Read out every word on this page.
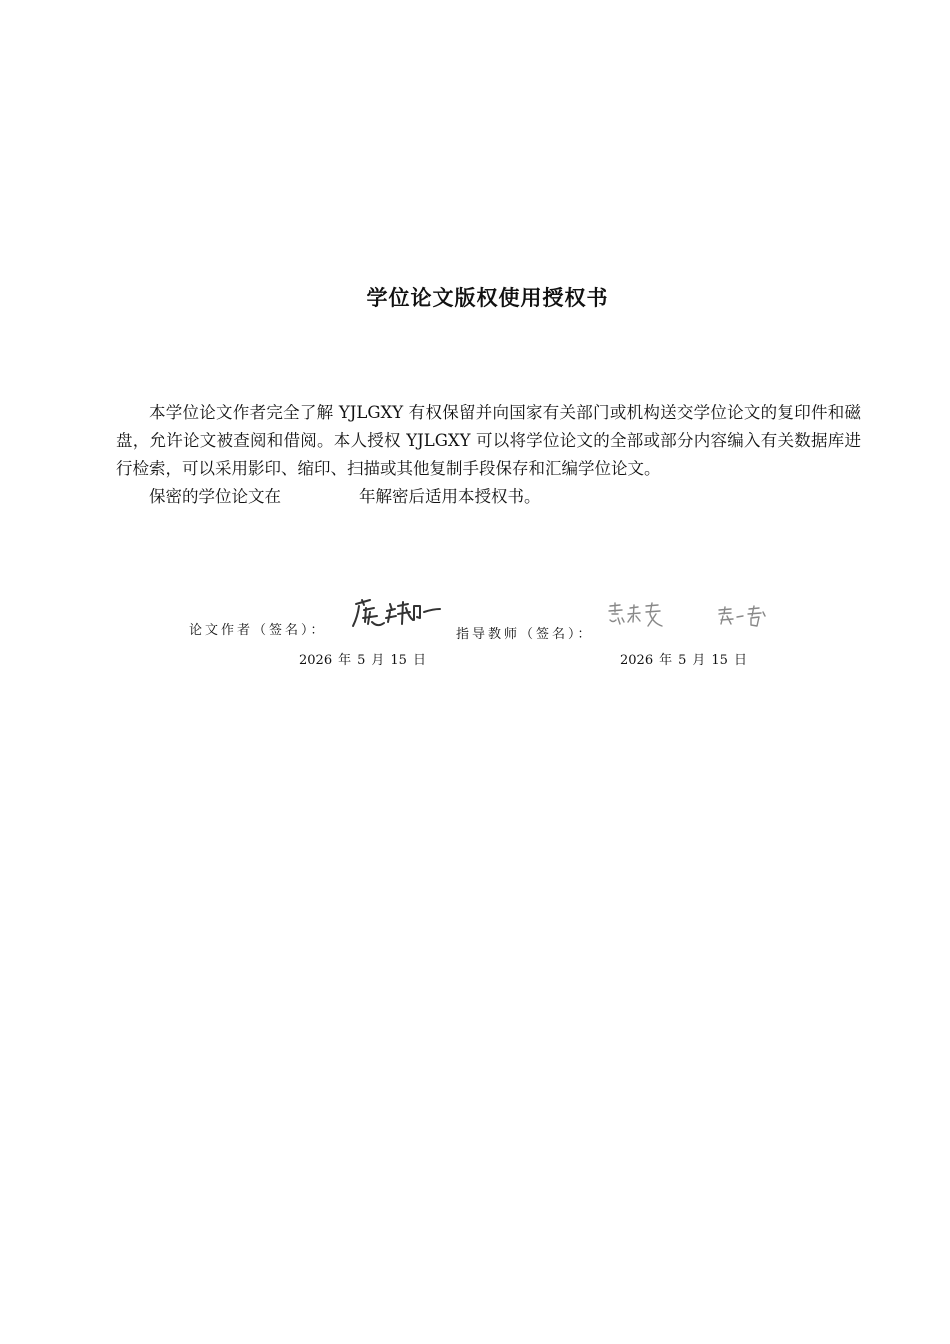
学位论文版权使用授权书

本学位论文作者完全了解 YJLGXY 有权保留并向国家有关部门或机构送交学位论文的复印件和磁盘，允许论文被查阅和借阅。本人授权 YJLGXY 可以将学位论文的全部或部分内容编入有关数据库进行检索，可以采用影印、缩印、扫描或其他复制手段保存和汇编学位论文。

保密的学位论文在	年解密后适用本授权书。

论文作者（签名）：
2026 年 5 月 15 日
指导教师（签名）：
2026 年 5 月 15 日
